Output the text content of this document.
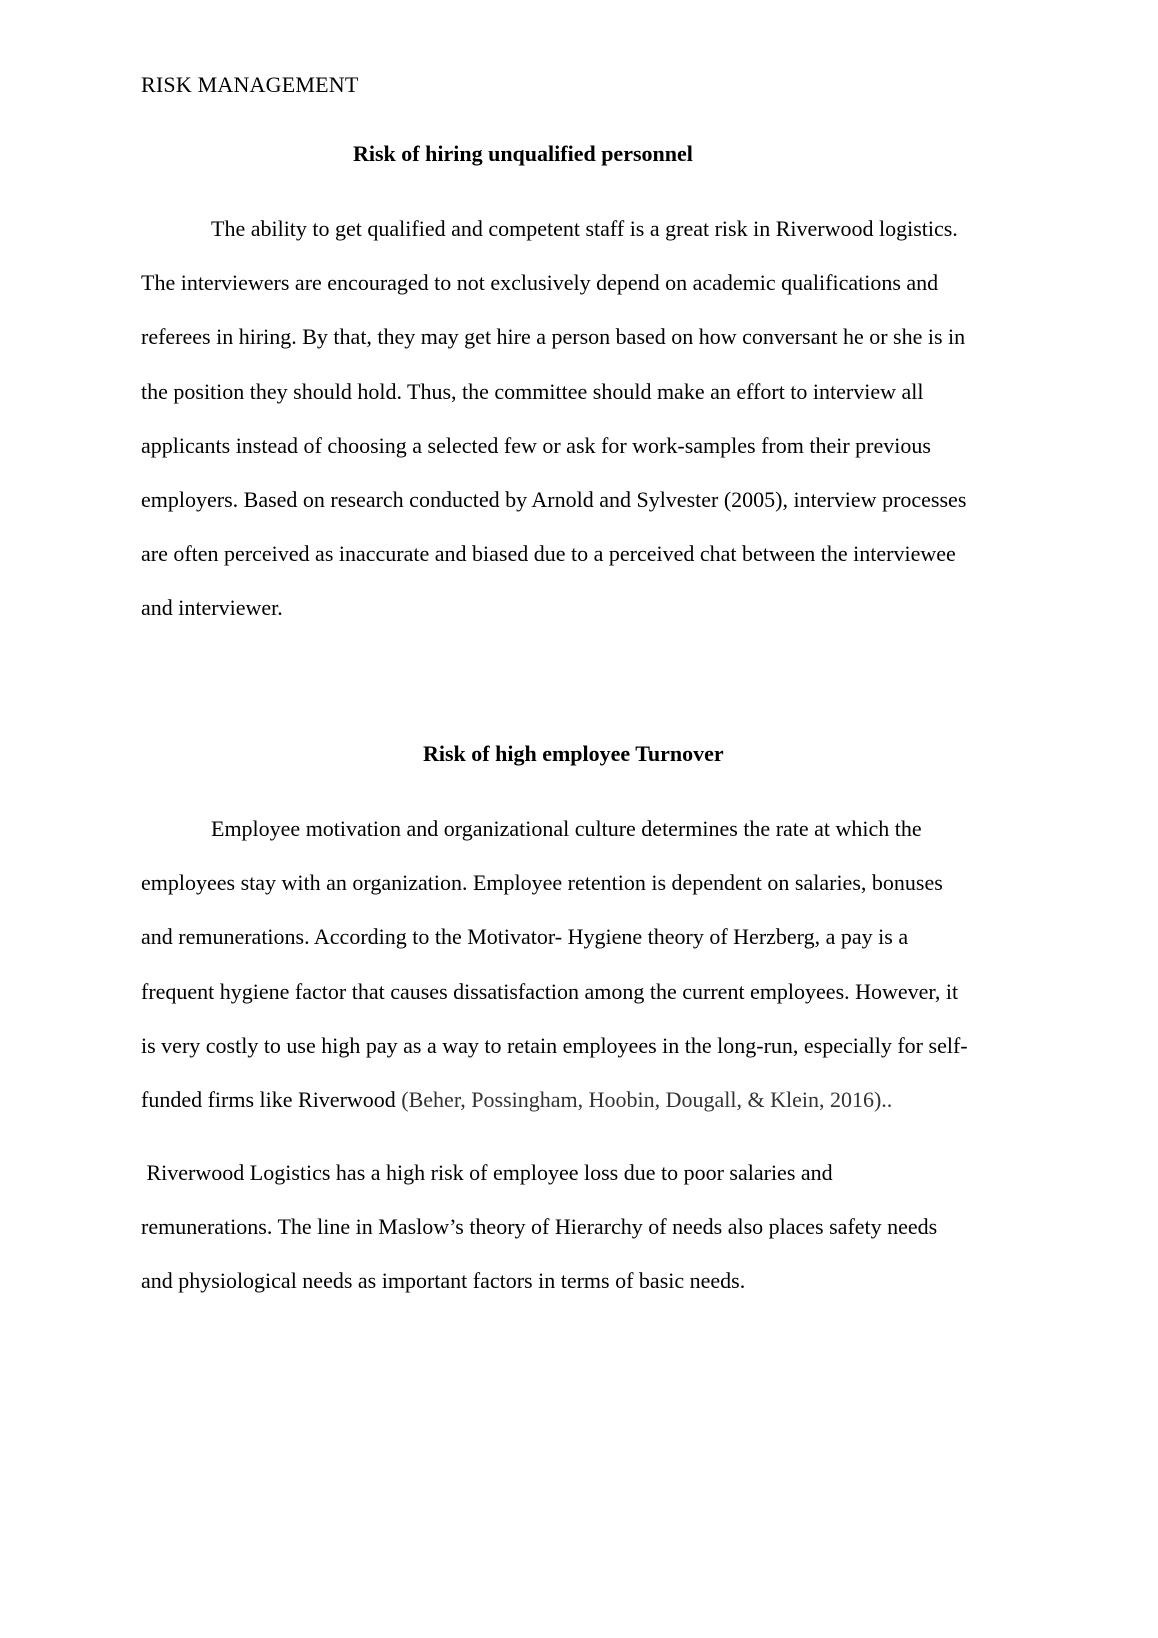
RISK MANAGEMENT
Risk of hiring unqualified personnel
The ability to get qualified and competent staff is a great risk in Riverwood logistics.
The interviewers are encouraged to not exclusively depend on academic qualifications and
referees in hiring. By that, they may get hire a person based on how conversant he or she is in
the position they should hold. Thus, the committee should make an effort to interview all
applicants instead of choosing a selected few or ask for work-samples from their previous
employers. Based on research conducted by Arnold and Sylvester (2005), interview processes
are often perceived as inaccurate and biased due to a perceived chat between the interviewee
and interviewer.
Risk of high employee Turnover
Employee motivation and organizational culture determines the rate at which the
employees stay with an organization. Employee retention is dependent on salaries, bonuses
and remunerations. According to the Motivator- Hygiene theory of Herzberg, a pay is a
frequent hygiene factor that causes dissatisfaction among the current employees. However, it
is very costly to use high pay as a way to retain employees in the long-run, especially for self-
funded firms like Riverwood (Beher, Possingham, Hoobin, Dougall, & Klein, 2016)..
Riverwood Logistics has a high risk of employee loss due to poor salaries and
remunerations. The line in Maslow’s theory of Hierarchy of needs also places safety needs
and physiological needs as important factors in terms of basic needs.
